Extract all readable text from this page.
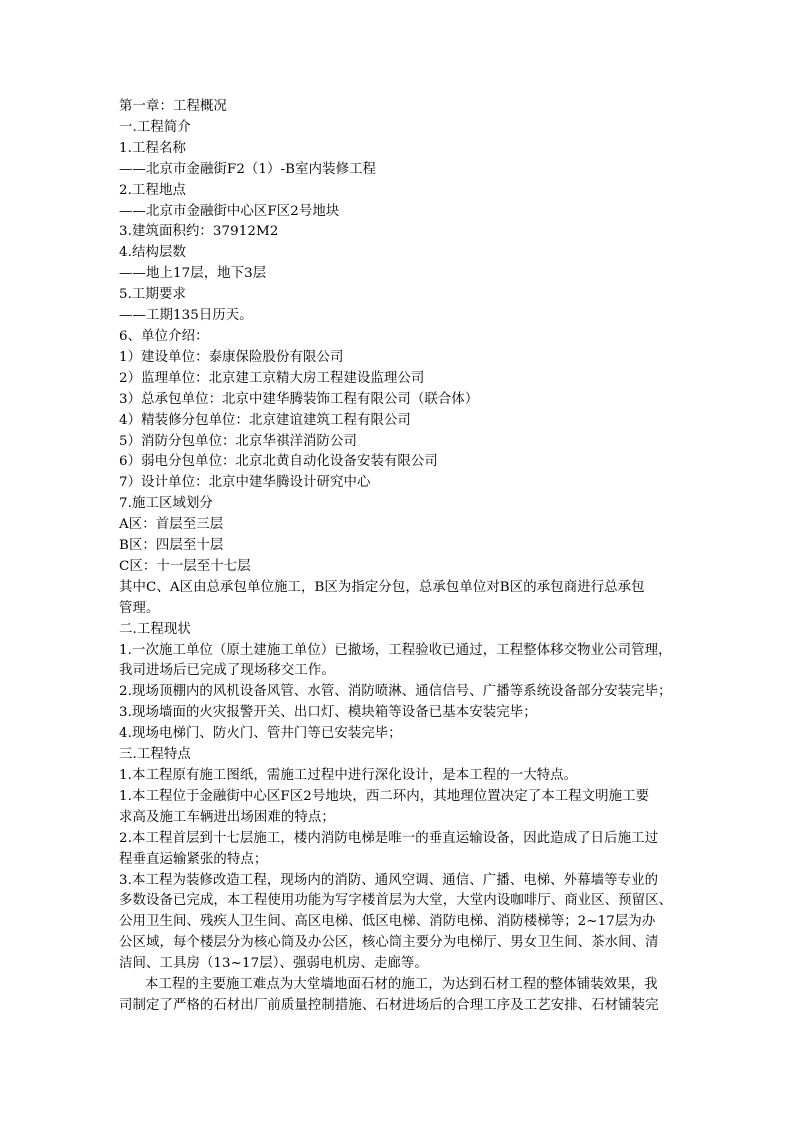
第一章：工程概况
一.工程简介
1.工程名称
——北京市金融街F2（1）-B室内装修工程
2.工程地点
——北京市金融街中心区F区2号地块
3.建筑面积约：37912M2
4.结构层数
——地上17层，地下3层
5.工期要求
——工期135日历天。
6、单位介绍：
1）建设单位：泰康保险股份有限公司
2）监理单位：北京建工京精大房工程建设监理公司
3）总承包单位：北京中建华腾装饰工程有限公司（联合体）
4）精装修分包单位：北京建谊建筑工程有限公司
5）消防分包单位：北京华祺洋消防公司
6）弱电分包单位：北京北黄自动化设备安装有限公司
7）设计单位：北京中建华腾设计研究中心
7.施工区域划分
A区：首层至三层
B区：四层至十层
C区：十一层至十七层
其中C、A区由总承包单位施工，B区为指定分包，总承包单位对B区的承包商进行总承包
管理。
二.工程现状
1.一次施工单位（原土建施工单位）已撤场，工程验收已通过，工程整体移交物业公司管理，
我司进场后已完成了现场移交工作。
2.现场顶棚内的风机设备风管、水管、消防喷淋、通信信号、广播等系统设备部分安装完毕；
3.现场墙面的火灾报警开关、出口灯、模块箱等设备已基本安装完毕；
4.现场电梯门、防火门、管井门等已安装完毕；
三.工程特点
1.本工程原有施工图纸，需施工过程中进行深化设计，是本工程的一大特点。
1.本工程位于金融街中心区F区2号地块，西二环内，其地理位置决定了本工程文明施工要
求高及施工车辆进出场困难的特点；
2.本工程首层到十七层施工，楼内消防电梯是唯一的垂直运输设备，因此造成了日后施工过
程垂直运输紧张的特点；
3.本工程为装修改造工程，现场内的消防、通风空调、通信、广播、电梯、外幕墙等专业的
多数设备已完成，本工程使用功能为写字楼首层为大堂，大堂内设咖啡厅、商业区、预留区、
公用卫生间、残疾人卫生间、高区电梯、低区电梯、消防电梯、消防楼梯等；2~17层为办
公区域，每个楼层分为核心筒及办公区，核心筒主要分为电梯厅、男女卫生间、茶水间、清
洁间、工具房（13~17层）、强弱电机房、走廊等。
本工程的主要施工难点为大堂墙地面石材的施工，为达到石材工程的整体铺装效果，我
司制定了严格的石材出厂前质量控制措施、石材进场后的合理工序及工艺安排、石材铺装完
